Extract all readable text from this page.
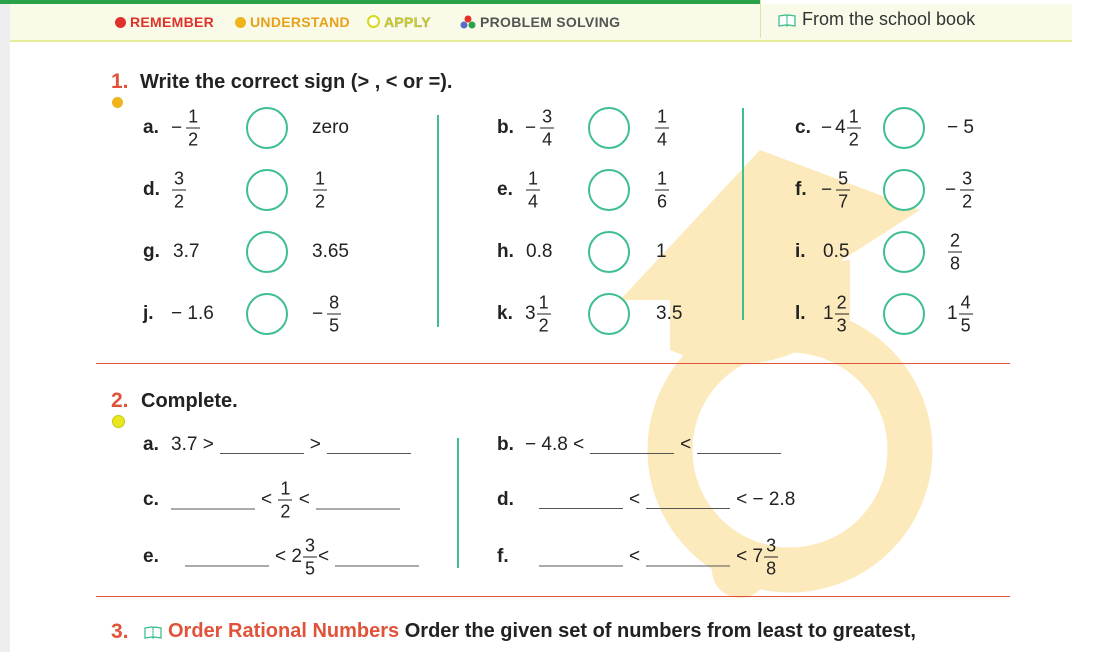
REMEMBER	UNDERSTAND	APPLY	PROBLEM SOLVING	From the school book
1. Write the correct sign (> , < or =).
a. − $\frac{1}{2}$	zero	b. − $\frac{3}{4}$	$\frac{1}{4}$	c. − $4 \frac{1}{2}$	− 5
d. $\frac{3}{2}$	$\frac{1}{2}$	e. $\frac{1}{4}$	$\frac{1}{6}$	f. − $\frac{5}{7}$	− $\frac{3}{2}$
g. 3.7	3.65	h. 0.8	1	i. 0.5	$\frac{2}{8}$
j. − 1.6	− $\frac{8}{5}$	k. $3 \frac{1}{2}$	3.5	l. $1 \frac{2}{3}$	$1 \frac{4}{5}$
2. Complete.
a. 3.7 >	>	b. − 4.8 <	<
c.	< $\frac{1}{2}$ <	d.	<	< − 2.8
e.	< $2 \frac{3}{5}$ <	f.	<	< $7 \frac{3}{8}$
3.	Order Rational Numbers Order the given set of numbers from least to greatest,
